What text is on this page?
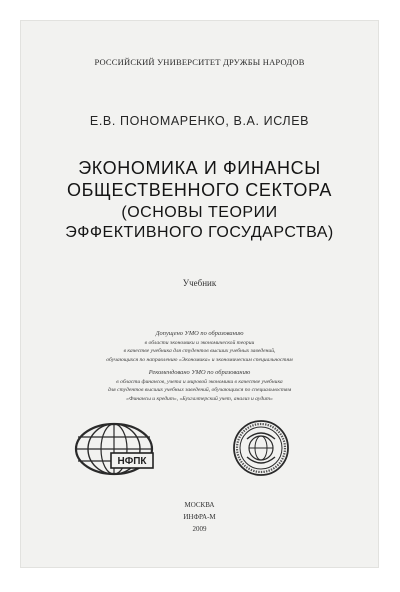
РОССИЙСКИЙ УНИВЕРСИТЕТ ДРУЖБЫ НАРОДОВ
Е.В. ПОНОМАРЕНКО, В.А. ИСЛЕВ
ЭКОНОМИКА И ФИНАНСЫ
ОБЩЕСТВЕННОГО СЕКТОРА
(ОСНОВЫ ТЕОРИИ
ЭФФЕКТИВНОГО ГОСУДАРСТВА)
Учебник
Допущено УМО по образованию
в области экономики и экономической теории
в качестве учебника для студентов высших учебных заведений,
обучающихся по направлению «Экономика» и экономическим специальностям
Рекомендовано УМО по образованию
в области финансов, учета и мировой экономики в качестве учебника
для студентов высших учебных заведений, обучающихся по специальностям
«Финансы и кредит», «Бухгалтерский учет, анализ и аудит»
НФПК
МОСКВА
ИНФРА-М
2009
